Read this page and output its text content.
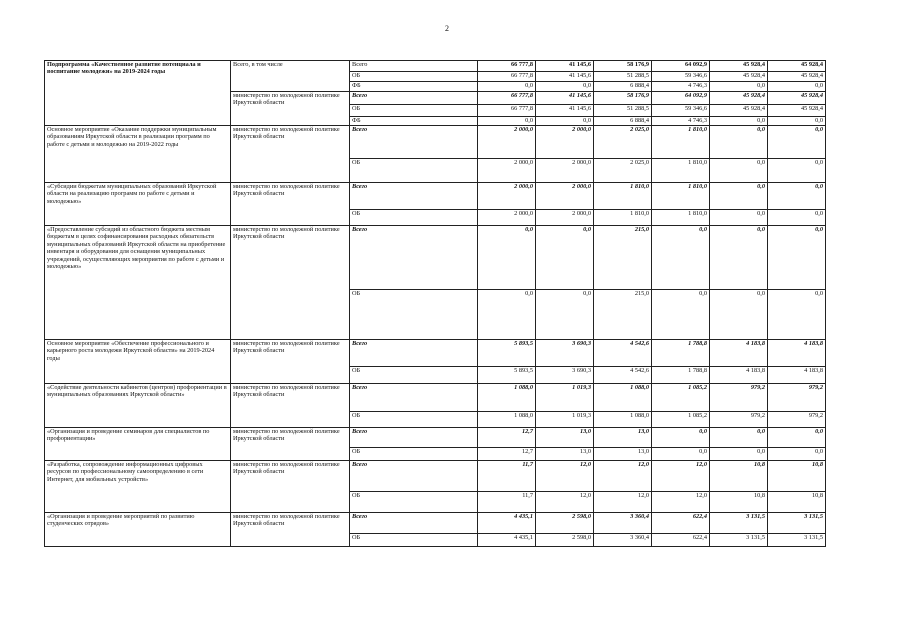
2
Подпрограмма «Качественное развитие потенциала и воспитание молодежи» на 2019-2024 годы	Всего, в том числе	Всего	66 777,8	41 145,6	58 176,9	64 092,9	45 928,4	45 928,4
		ОБ	66 777,8	41 145,6	51 288,5	59 346,6	45 928,4	45 928,4
		ФБ	0,0	0,0	6 888,4	4 746,3	0,0	0,0
	министерство по молодежной политике Иркутской области	Всего	66 777,8	41 145,6	58 176,9	64 092,9	45 928,4	45 928,4
		ОБ	66 777,8	41 145,6	51 288,5	59 346,6	45 928,4	45 928,4
		ФБ	0,0	0,0	6 888,4	4 746,3	0,0	0,0
Основное мероприятие «Оказание поддержки муниципальным образованиям Иркутской области в реализации программ по работе с детьми и молодежью на 2019-2022 годы	министерство по молодежной политике Иркутской области	Всего	2 000,0	2 000,0	2 025,0	1 810,0	0,0	0,0
		ОБ	2 000,0	2 000,0	2 025,0	1 810,0	0,0	0,0
«Субсидии бюджетам муниципальных образований Иркутской области на реализацию программ по работе с детьми и молодежью»	министерство по молодежной политике Иркутской области	Всего	2 000,0	2 000,0	1 810,0	1 810,0	0,0	0,0
		ОБ	2 000,0	2 000,0	1 810,0	1 810,0	0,0	0,0
«Предоставление субсидий из областного бюджета местным бюджетам в целях софинансирования расходных обязательств муниципальных образований Иркутской области на приобретение инвентаря и оборудования для оснащения муниципальных учреждений, осуществляющих мероприятия по работе с детьми и молодежью»	министерство по молодежной политике Иркутской области	Всего	0,0	0,0	215,0	0,0	0,0	0,0
		ОБ	0,0	0,0	215,0	0,0	0,0	0,0
Основное мероприятие «Обеспечение профессионального и карьерного роста молодежи Иркутской области» на 2019-2024 годы	министерство по молодежной политике Иркутской области	Всего	5 893,5	3 690,3	4 542,6	1 788,8	4 183,8	4 183,8
		ОБ	5 893,5	3 690,3	4 542,6	1 788,8	4 183,8	4 183,8
«Содействие деятельности кабинетов (центров) профориентации в муниципальных образованиях Иркутской области»	министерство по молодежной политике Иркутской области	Всего	1 088,0	1 019,3	1 088,0	1 085,2	979,2	979,2
		ОБ	1 088,0	1 019,3	1 088,0	1 085,2	979,2	979,2
«Организация и проведение семинаров для специалистов по профориентации»	министерство по молодежной политике Иркутской области	Всего	12,7	13,0	13,0	0,0	0,0	0,0
		ОБ	12,7	13,0	13,0	0,0	0,0	0,0
«Разработка, сопровождение информационных цифровых ресурсов по профессиональному самоопределению в сети Интернет, для мобильных устройств»	министерство по молодежной политике Иркутской области	Всего	11,7	12,0	12,0	12,0	10,8	10,8
		ОБ	11,7	12,0	12,0	12,0	10,8	10,8
«Организация и проведение мероприятий по развитию студенческих отрядов»	министерство по молодежной политике Иркутской области	Всего	4 435,1	2 598,0	3 360,4	622,4	3 131,5	3 131,5
		ОБ	4 435,1	2 598,0	3 360,4	622,4	3 131,5	3 131,5
